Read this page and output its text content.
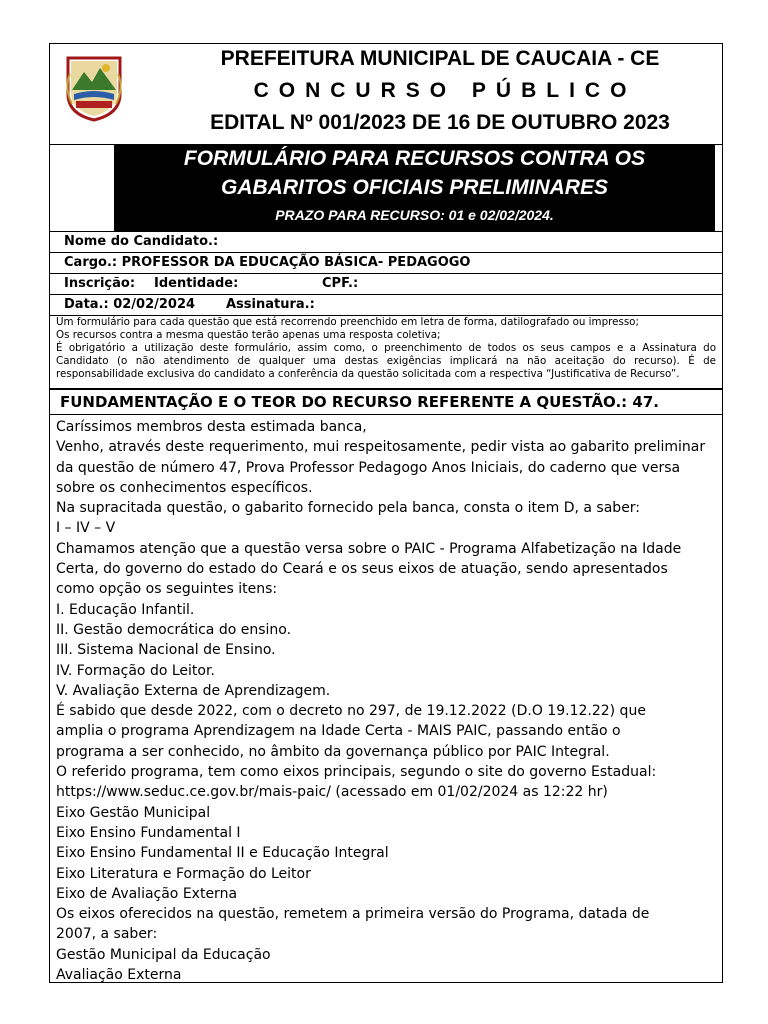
PREFEITURA MUNICIPAL DE CAUCAIA - CE
CONCURSO PÚBLICO
EDITAL Nº 001/2023 DE 16 DE OUTUBRO 2023
FORMULÁRIO PARA RECURSOS CONTRA OS
GABARITOS OFICIAIS PRELIMINARES
PRAZO PARA RECURSO: 01 e 02/02/2024.
Nome do Candidato.:
Cargo.: PROFESSOR DA EDUCAÇÃO BÁSICA- PEDAGOGO
Inscrição: Identidade:	CPF.:
Data.: 02/02/2024 Assinatura.:

Um formulário para cada questão que está recorrendo preenchido em letra de forma, datilografado ou impresso;

Os recursos contra a mesma questão terão apenas uma resposta coletiva;

É obrigatório a utilização deste formulário, assim como, o preenchimento de todos os seus campos e a Assinatura do

Candidato (o não atendimento de qualquer uma destas exigências implicará na não aceitação do recurso). É de

responsabilidade exclusiva do candidato a conferência da questão solicitada com a respectiva “Justificativa de Recurso”.

FUNDAMENTAÇÃO E O TEOR DO RECURSO REFERENTE A QUESTÃO.: 47.
Caríssimos membros desta estimada banca,
Venho, através deste requerimento, mui respeitosamente, pedir vista ao gabarito preliminar
da questão de número 47, Prova Professor Pedagogo Anos Iniciais, do caderno que versa
sobre os conhecimentos específicos.
Na supracitada questão, o gabarito fornecido pela banca, consta o item D, a saber:
I – IV – V
Chamamos atenção que a questão versa sobre o PAIC - Programa Alfabetização na Idade
Certa, do governo do estado do Ceará e os seus eixos de atuação, sendo apresentados
como opção os seguintes itens:
I. Educação Infantil.
II. Gestão democrática do ensino.
III. Sistema Nacional de Ensino.
IV. Formação do Leitor.
V. Avaliação Externa de Aprendizagem.
É sabido que desde 2022, com o decreto no 297, de 19.12.2022 (D.O 19.12.22) que
amplia o programa Aprendizagem na Idade Certa - MAIS PAIC, passando então o
programa a ser conhecido, no âmbito da governança público por PAIC Integral.
O referido programa, tem como eixos principais, segundo o site do governo Estadual:
https://www.seduc.ce.gov.br/mais-paic/ (acessado em 01/02/2024 as 12:22 hr)
Eixo Gestão Municipal
Eixo Ensino Fundamental I
Eixo Ensino Fundamental II e Educação Integral
Eixo Literatura e Formação do Leitor
Eixo de Avaliação Externa
Os eixos oferecidos na questão, remetem a primeira versão do Programa, datada de
2007, a saber:
Gestão Municipal da Educação
Avaliação Externa
